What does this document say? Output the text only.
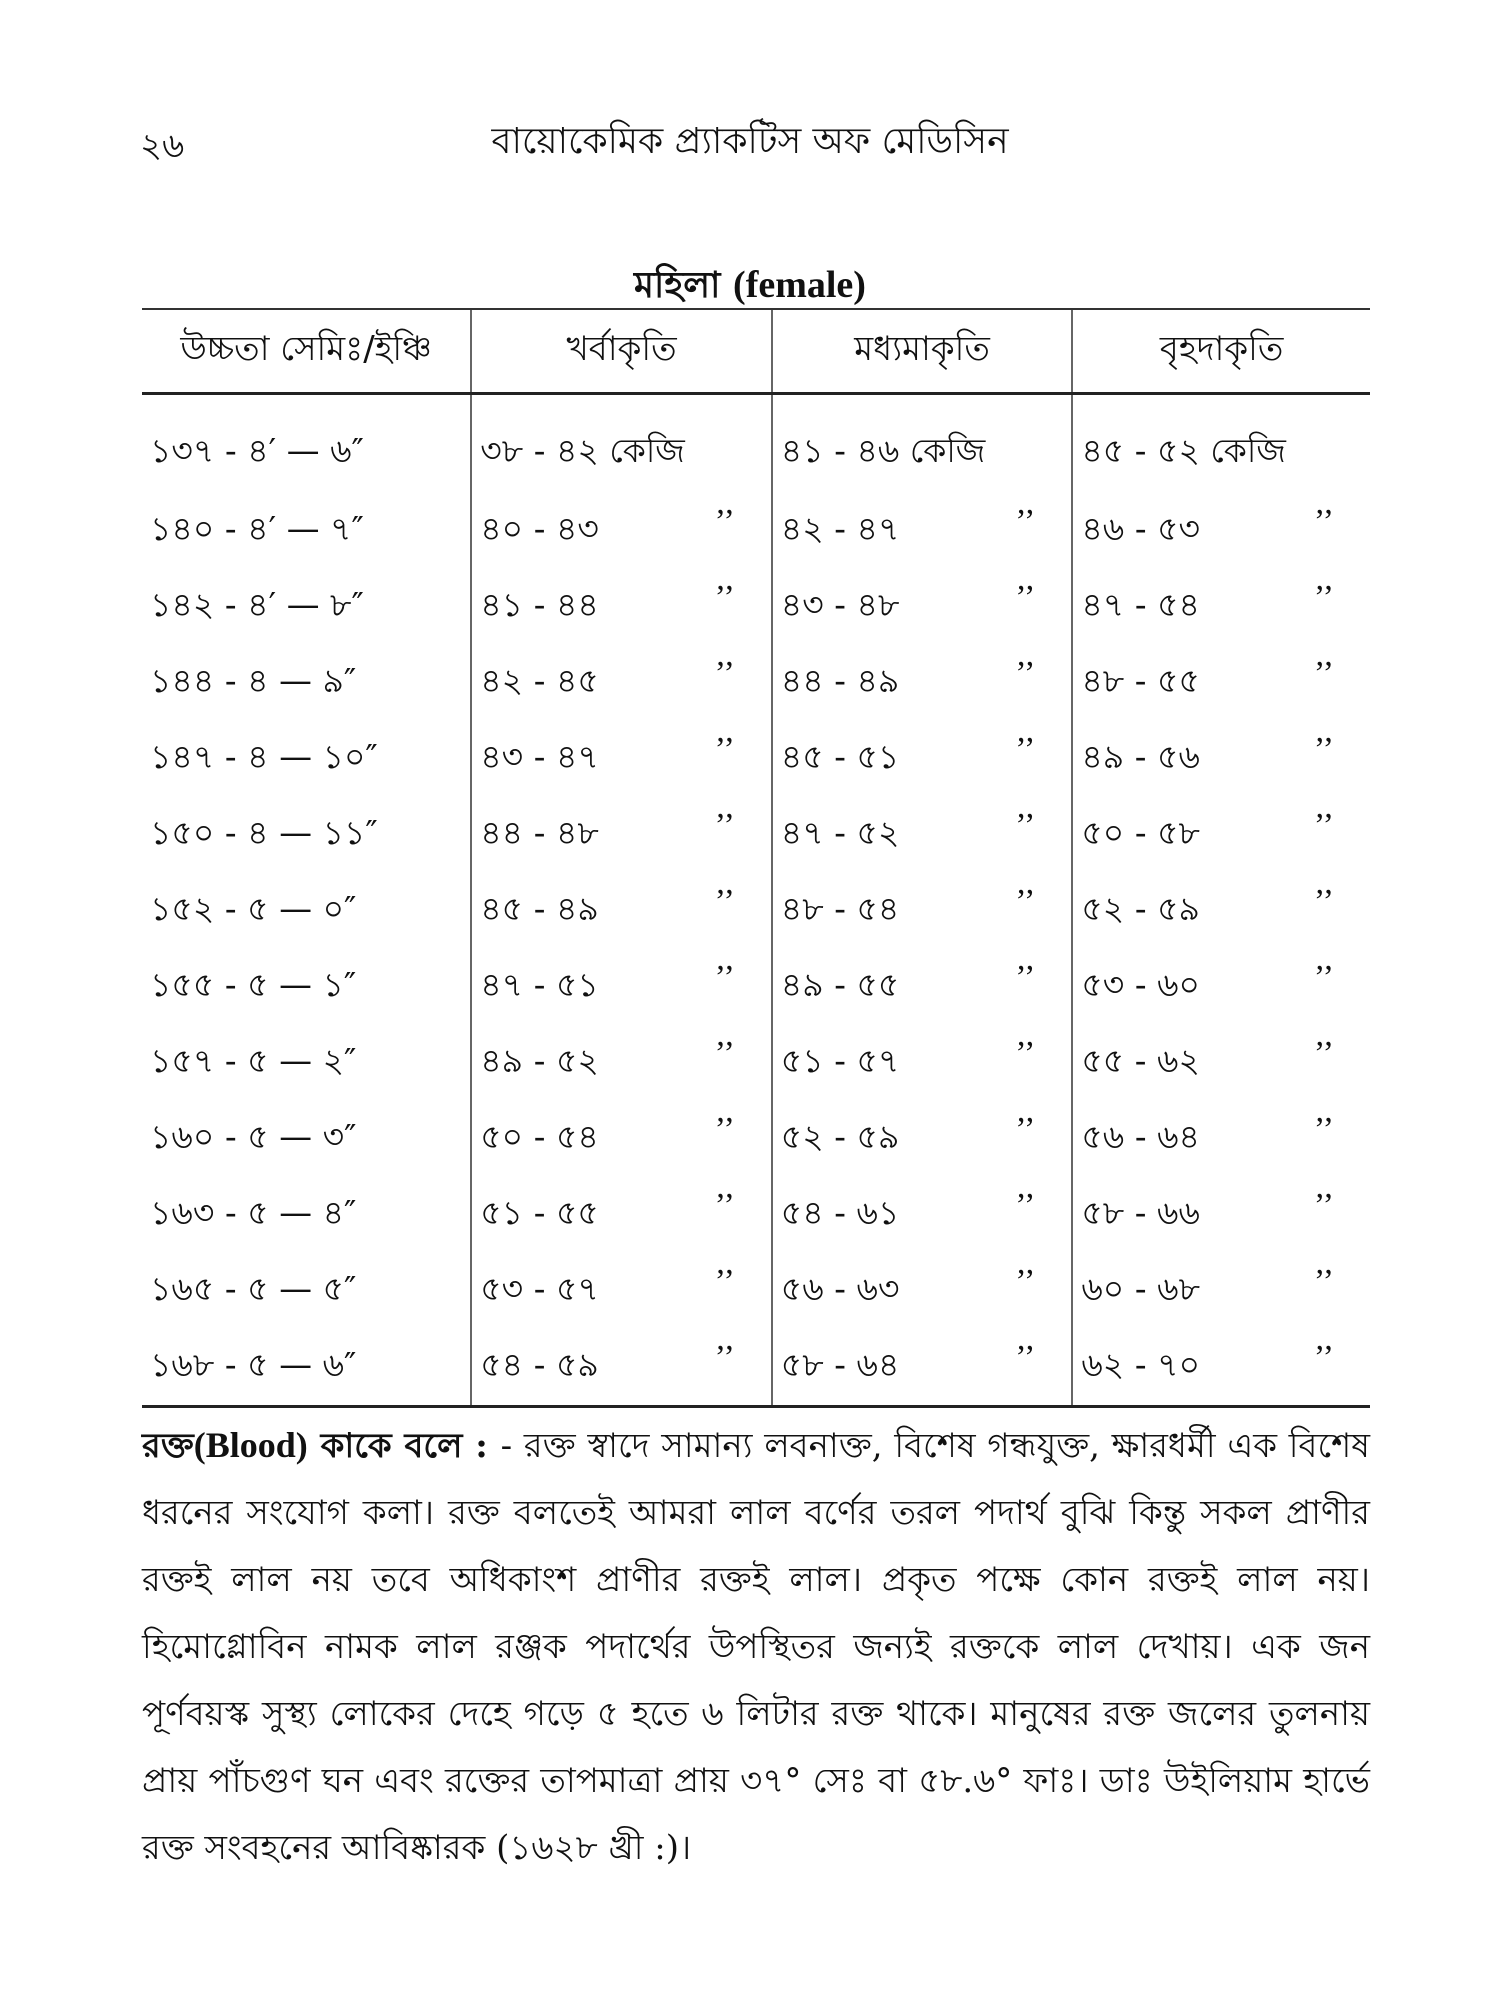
২৬	বায়োকেমিক প্র্যাকটিস অফ মেডিসিন
মহিলা (female)
উচ্চতা সেমিঃ/ইঞ্চি	খর্বাকৃতি	মধ্যমাকৃতি	বৃহদাকৃতি
১৩৭ - ৪′ — ৬″	৩৮ - ৪২ কেজি	৪১ - ৪৬ কেজি	৪৫ - ৫২ কেজি
১৪০ - ৪′ — ৭″	৪০ - ৪৩ ’’	৪২ - ৪৭ ’’	৪৬ - ৫৩ ’’

১৪২ - ৪′ — ৮″	৪১ - ৪৪ ’’	৪৩ - ৪৮ ’’	৪৭ - ৫৪ ’’

১৪৪ - ৪ — ৯″	৪২ - ৪৫ ’’	৪৪ - ৪৯ ’’	৪৮ - ৫৫ ’’

১৪৭ - ৪ — ১০″	৪৩ - ৪৭ ’’	৪৫ - ৫১ ’’	৪৯ - ৫৬ ’’

১৫০ - ৪ — ১১″	৪৪ - ৪৮ ’’	৪৭ - ৫২ ’’	৫০ - ৫৮ ’’

১৫২ - ৫ — ০″	৪৫ - ৪৯ ’’	৪৮ - ৫৪ ’’	৫২ - ৫৯ ’’

১৫৫ - ৫ — ১″	৪৭ - ৫১ ’’	৪৯ - ৫৫ ’’	৫৩ - ৬০ ’’

১৫৭ - ৫ — ২″	৪৯ - ৫২ ’’	৫১ - ৫৭ ’’	৫৫ - ৬২ ’’

১৬০ - ৫ — ৩″	৫০ - ৫৪ ’’	৫২ - ৫৯ ’’	৫৬ - ৬৪ ’’

১৬৩ - ৫ — ৪″	৫১ - ৫৫ ’’	৫৪ - ৬১ ’’	৫৮ - ৬৬ ’’

১৬৫ - ৫ — ৫″	৫৩ - ৫৭ ’’	৫৬ - ৬৩ ’’	৬০ - ৬৮ ’’

১৬৮ - ৫ — ৬″	৫৪ - ৫৯ ’’	৫৮ - ৬৪ ’’	৬২ - ৭০ ’’
রক্ত(Blood) কাকে বলে : - রক্ত স্বাদে সামান্য লবনাক্ত, বিশেষ গন্ধযুক্ত, ক্ষারধর্মী এক বিশেষ ধরনের সংযোগ কলা। রক্ত বলতেই আমরা লাল বর্ণের তরল পদার্থ বুঝি কিন্তু সকল প্রাণীর রক্তই লাল নয় তবে অধিকাংশ প্রাণীর রক্তই লাল। প্রকৃত পক্ষে কোন রক্তই লাল নয়। হিমোগ্লোবিন নামক লাল রঞ্জক পদার্থের উপস্থিতর জন্যই রক্তকে লাল দেখায়। এক জন পূর্ণবয়স্ক সুস্থ্য লোকের দেহে গড়ে ৫ হতে ৬ লিটার রক্ত থাকে। মানুষের রক্ত জলের তুলনায় প্রায় পাঁচগুণ ঘন এবং রক্তের তাপমাত্রা প্রায় ৩৭° সেঃ বা ৫৮.৬° ফাঃ। ডাঃ উইলিয়াম হার্ভে রক্ত সংবহনের আবিষ্কারক (১৬২৮ খ্রী :)।
